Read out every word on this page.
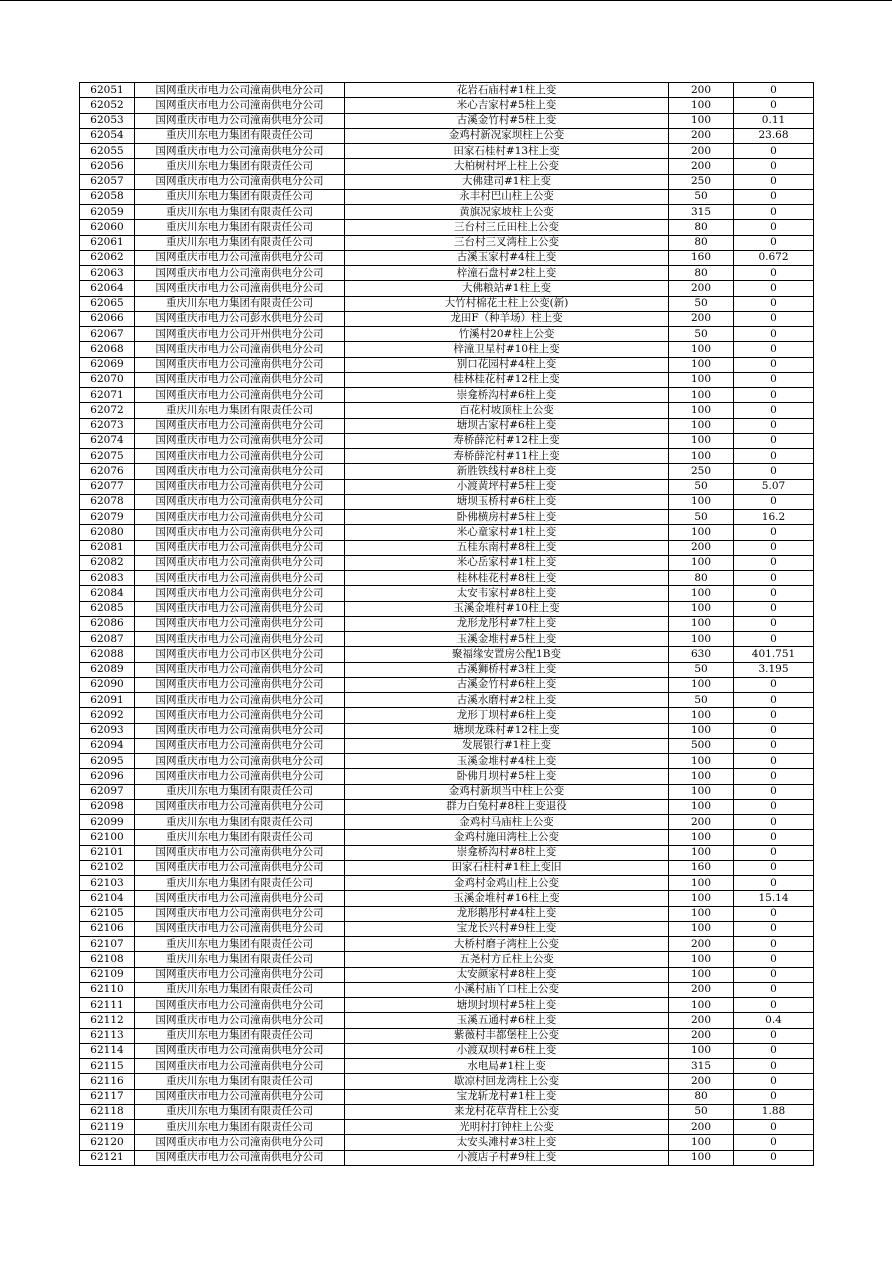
62051	国网重庆市电力公司潼南供电分公司	花岩石庙村#1柱上变	200	0
62052	国网重庆市电力公司潼南供电分公司	米心吉家村#5柱上变	100	0
62053	国网重庆市电力公司潼南供电分公司	古溪金竹村#5柱上变	100	0.11
62054	重庆川东电力集团有限责任公司	金鸡村新况家坝柱上公变	200	23.68
62055	国网重庆市电力公司潼南供电分公司	田家石桂村#13柱上变	200	0
62056	重庆川东电力集团有限责任公司	大柏树村坪上柱上公变	200	0
62057	国网重庆市电力公司潼南供电分公司	大佛建司#1柱上变	250	0
62058	重庆川东电力集团有限责任公司	永丰村巴山柱上公变	50	0
62059	重庆川东电力集团有限责任公司	黄旗况家坡柱上公变	315	0
62060	重庆川东电力集团有限责任公司	三台村三丘田柱上公变	80	0
62061	重庆川东电力集团有限责任公司	三台村三叉湾柱上公变	80	0
62062	国网重庆市电力公司潼南供电分公司	古溪玉家村#4柱上变	160	0.672
62063	国网重庆市电力公司潼南供电分公司	梓潼石盘村#2柱上变	80	0
62064	国网重庆市电力公司潼南供电分公司	大佛粮站#1柱上变	200	0
62065	重庆川东电力集团有限责任公司	大竹村棉花土柱上公变(新)	50	0
62066	国网重庆市电力公司彭水供电分公司	龙田F（种羊场）柱上变	200	0
62067	国网重庆市电力公司开州供电分公司	竹溪村20#柱上公变	50	0
62068	国网重庆市电力公司潼南供电分公司	梓潼卫星村#10柱上变	100	0
62069	国网重庆市电力公司潼南供电分公司	别口花园村#4柱上变	100	0
62070	国网重庆市电力公司潼南供电分公司	桂林桂花村#12柱上变	100	0
62071	国网重庆市电力公司潼南供电分公司	崇龛桥沟村#6柱上变	100	0
62072	重庆川东电力集团有限责任公司	百花村坡顶柱上公变	100	0
62073	国网重庆市电力公司潼南供电分公司	塘坝古家村#6柱上变	100	0
62074	国网重庆市电力公司潼南供电分公司	寿桥薛沱村#12柱上变	100	0
62075	国网重庆市电力公司潼南供电分公司	寿桥薛沱村#11柱上变	100	0
62076	国网重庆市电力公司潼南供电分公司	新胜铁线村#8柱上变	250	0
62077	国网重庆市电力公司潼南供电分公司	小渡黄坪村#5柱上变	50	5.07
62078	国网重庆市电力公司潼南供电分公司	塘坝玉桥村#6柱上变	100	0
62079	国网重庆市电力公司潼南供电分公司	卧佛横房村#5柱上变	50	16.2
62080	国网重庆市电力公司潼南供电分公司	米心童家村#1柱上变	100	0
62081	国网重庆市电力公司潼南供电分公司	五桂东南村#8柱上变	200	0
62082	国网重庆市电力公司潼南供电分公司	米心岳家村#1柱上变	100	0
62083	国网重庆市电力公司潼南供电分公司	桂林桂花村#8柱上变	80	0
62084	国网重庆市电力公司潼南供电分公司	太安韦家村#8柱上变	100	0
62085	国网重庆市电力公司潼南供电分公司	玉溪金堆村#10柱上变	100	0
62086	国网重庆市电力公司潼南供电分公司	龙形龙彤村#7柱上变	100	0
62087	国网重庆市电力公司潼南供电分公司	玉溪金堆村#5柱上变	100	0
62088	国网重庆市电力公司市区供电分公司	聚福缘安置房公配1B变	630	401.751
62089	国网重庆市电力公司潼南供电分公司	古溪狮桥村#3柱上变	50	3.195
62090	国网重庆市电力公司潼南供电分公司	古溪金竹村#6柱上变	100	0
62091	国网重庆市电力公司潼南供电分公司	古溪水磨村#2柱上变	50	0
62092	国网重庆市电力公司潼南供电分公司	龙形丁坝村#6柱上变	100	0
62093	国网重庆市电力公司潼南供电分公司	塘坝龙珠村#12柱上变	100	0
62094	国网重庆市电力公司潼南供电分公司	发展银行#1柱上变	500	0
62095	国网重庆市电力公司潼南供电分公司	玉溪金堆村#4柱上变	100	0
62096	国网重庆市电力公司潼南供电分公司	卧佛月坝村#5柱上变	100	0
62097	重庆川东电力集团有限责任公司	金鸡村新坝当中柱上公变	100	0
62098	国网重庆市电力公司潼南供电分公司	群力白兔村#8柱上变退役	100	0
62099	重庆川东电力集团有限责任公司	金鸡村马庙柱上公变	200	0
62100	重庆川东电力集团有限责任公司	金鸡村施田湾柱上公变	100	0
62101	国网重庆市电力公司潼南供电分公司	崇龛桥沟村#8柱上变	100	0
62102	国网重庆市电力公司潼南供电分公司	田家石柱村#1柱上变旧	160	0
62103	重庆川东电力集团有限责任公司	金鸡村金鸡山柱上公变	100	0
62104	国网重庆市电力公司潼南供电分公司	玉溪金堆村#16柱上变	100	15.14
62105	国网重庆市电力公司潼南供电分公司	龙形鹅彤村#4柱上变	100	0
62106	国网重庆市电力公司潼南供电分公司	宝龙长兴村#9柱上变	100	0
62107	重庆川东电力集团有限责任公司	大桥村磨子湾柱上公变	200	0
62108	重庆川东电力集团有限责任公司	五尧村方丘柱上公变	100	0
62109	国网重庆市电力公司潼南供电分公司	太安颜家村#8柱上变	100	0
62110	重庆川东电力集团有限责任公司	小溪村庙丫口柱上公变	200	0
62111	国网重庆市电力公司潼南供电分公司	塘坝封坝村#5柱上变	100	0
62112	国网重庆市电力公司潼南供电分公司	玉溪五通村#6柱上变	200	0.4
62113	重庆川东电力集团有限责任公司	紫薇村丰都堡柱上公变	200	0
62114	国网重庆市电力公司潼南供电分公司	小渡双坝村#6柱上变	100	0
62115	国网重庆市电力公司潼南供电分公司	水电局#1柱上变	315	0
62116	重庆川东电力集团有限责任公司	歇凉村回龙湾柱上公变	200	0
62117	国网重庆市电力公司潼南供电分公司	宝龙斩龙村#1柱上变	80	0
62118	重庆川东电力集团有限责任公司	来龙村花草背柱上公变	50	1.88
62119	重庆川东电力集团有限责任公司	光明村打钟柱上公变	200	0
62120	国网重庆市电力公司潼南供电分公司	太安头滩村#3柱上变	100	0
62121	国网重庆市电力公司潼南供电分公司	小渡店子村#9柱上变	100	0
